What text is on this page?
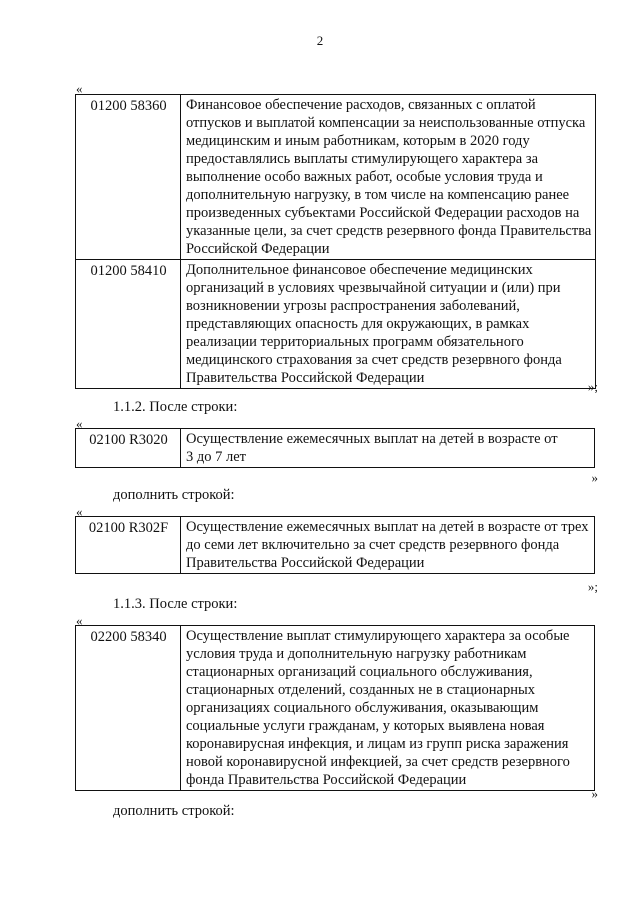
2
«
01200 58360	Финансовое обеспечение расходов, связанных с оплатой отпусков и выплатой компенсации за неиспользованные отпуска медицинским и иным работникам, которым в 2020 году предоставлялись выплаты стимулирующего характера за выполнение особо важных работ, особые условия труда и дополнительную нагрузку, в том числе на компенсацию ранее произведенных субъектами Российской Федерации расходов на указанные цели, за счет средств резервного фонда Правительства Российской Федерации
01200 58410	Дополнительное финансовое обеспечение медицинских организаций в условиях чрезвычайной ситуации и (или) при возникновении угрозы распространения заболеваний, представляющих опасность для окружающих, в рамках реализации территориальных программ обязательного медицинского страхования за счет средств резервного фонда Правительства Российской Федерации
»;
1.1.2. После строки:
«
02100 R3020	Осуществление ежемесячных выплат на детей в возрасте от 3 до 7 лет
»
дополнить строкой:
«
02100 R302F	Осуществление ежемесячных выплат на детей в возрасте от трех до семи лет включительно за счет средств резервного фонда Правительства Российской Федерации
»;
1.1.3. После строки:
«
02200 58340	Осуществление выплат стимулирующего характера за особые условия труда и дополнительную нагрузку работникам стационарных организаций социального обслуживания, стационарных отделений, созданных не в стационарных организациях социального обслуживания, оказывающим социальные услуги гражданам, у которых выявлена новая коронавирусная инфекция, и лицам из групп риска заражения новой коронавирусной инфекцией, за счет средств резервного фонда Правительства Российской Федерации
»
дополнить строкой:
